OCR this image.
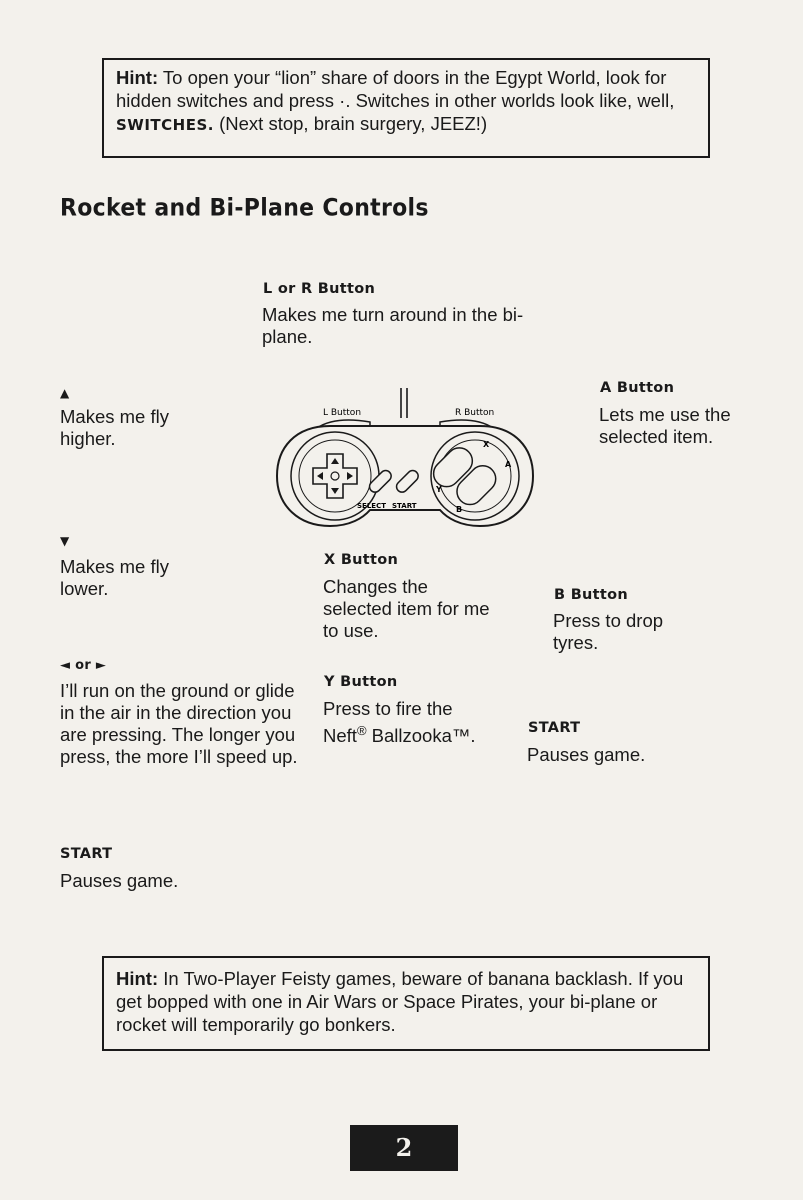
Hint: To open your “lion” share of doors in the Egypt World, look for hidden switches and press ·. Switches in other worlds look like, well, SWITCHES. (Next stop, brain surgery, JEEZ!)
Rocket and Bi-Plane Controls
L or R Button
Makes me turn around in the bi-plane.
▲
Makes me fly higher.
▼
Makes me fly lower.
◄ or ►
I’ll run on the ground or glide in the air in the direction you are pressing. The longer you press, the more I’ll speed up.
START
Pauses game.
A Button
Lets me use the selected item.
X Button
Changes the selected item for me to use.
B Button
Press to drop tyres.
Y Button
Press to fire the Neft® Ballzooka™.	START
Pauses game.
L Button	R Button
SELECT START
X
Y
A
B
Hint: In Two-Player Feisty games, beware of banana backlash. If you get bopped with one in Air Wars or Space Pirates, your bi-plane or rocket will temporarily go bonkers.
2
